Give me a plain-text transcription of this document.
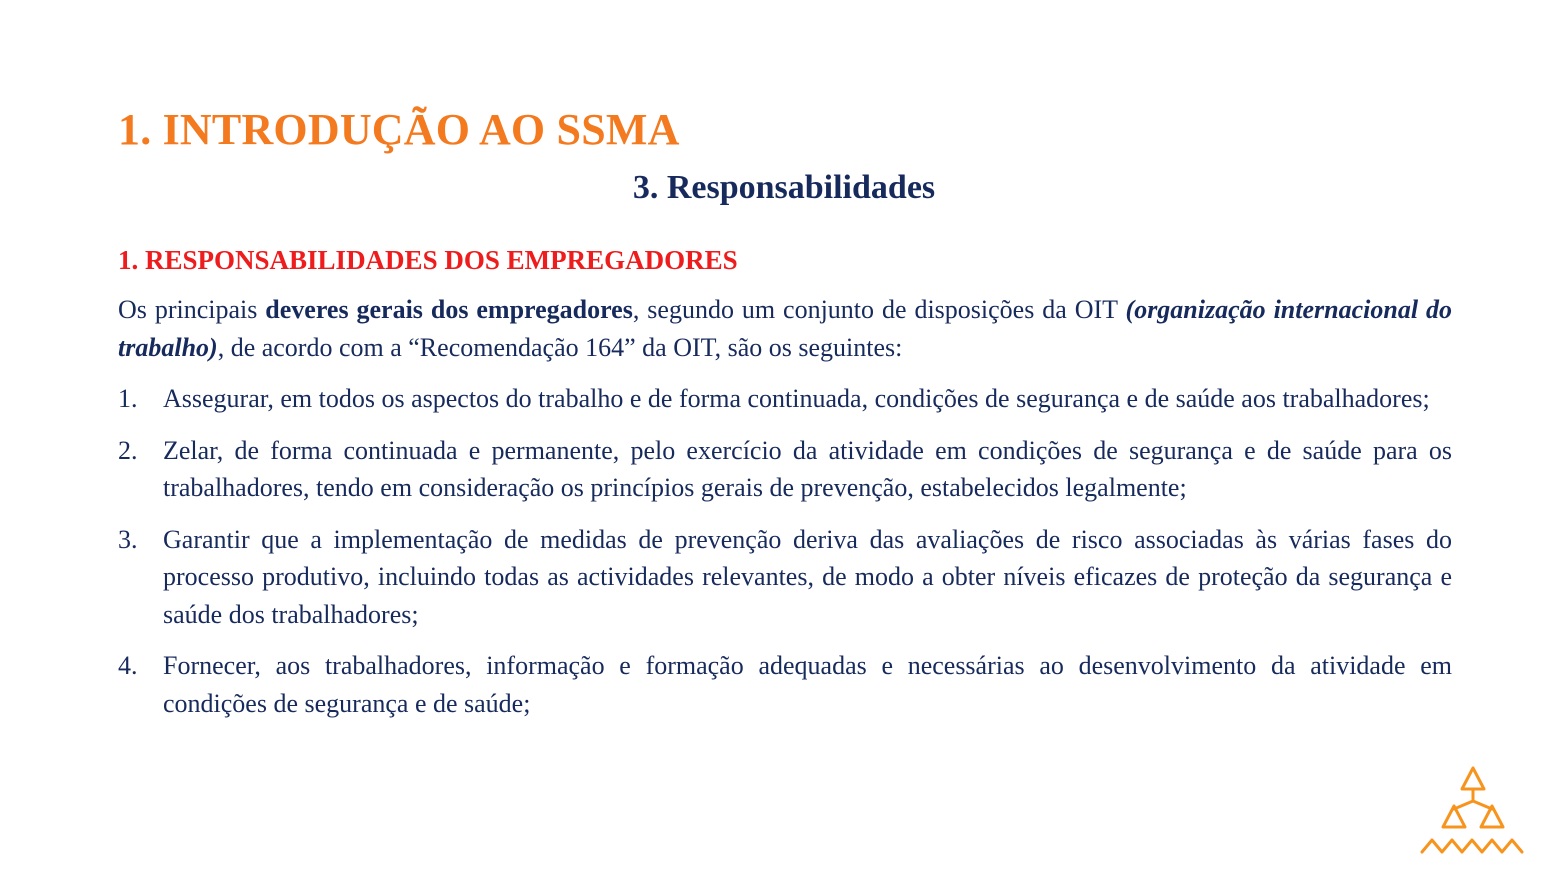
1. INTRODUÇÃO AO SSMA
3. Responsabilidades
1. RESPONSABILIDADES DOS EMPREGADORES

Os principais deveres gerais dos empregadores, segundo um conjunto de disposições da OIT (organização internacional do trabalho), de acordo com a “Recomendação 164” da OIT, são os seguintes:

1. Assegurar, em todos os aspectos do trabalho e de forma continuada, condições de segurança e de saúde aos trabalhadores;
2. Zelar, de forma continuada e permanente, pelo exercício da atividade em condições de segurança e de saúde para os trabalhadores, tendo em consideração os princípios gerais de prevenção, estabelecidos legalmente;
3. Garantir que a implementação de medidas de prevenção deriva das avaliações de risco associadas às várias fases do processo produtivo, incluindo todas as actividades relevantes, de modo a obter níveis eficazes de proteção da segurança e saúde dos trabalhadores;
4. Fornecer, aos trabalhadores, informação e formação adequadas e necessárias ao desenvolvimento da atividade em condições de segurança e de saúde;
